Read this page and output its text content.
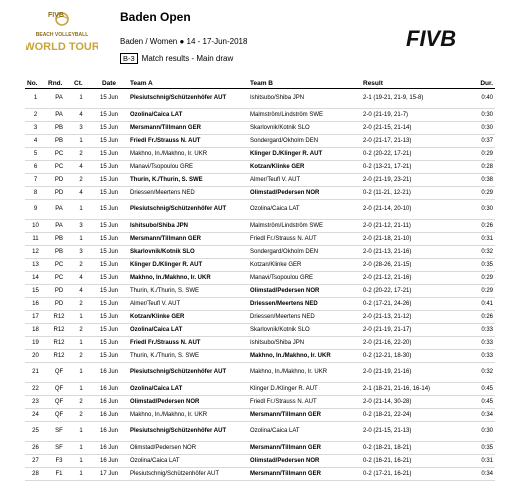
FIVB
BEACH VOLLEYBALL
WORLD TOUR
Baden Open
Baden / Women ● 14 - 17-Jun-2018
B-3 Match results - Main draw
FIVB
No.	Rnd.	Ct.	Date	Team A	Team B	Result	Dur.
1	PA	1	15 Jun	Plesiutschnig/Schützenhöfer AUT	Ishitsubo/Shiba JPN	2-1 (19-21, 21-9, 15-8)	0:40
2	PA	4	15 Jun	Ozolina/Caica LAT	Malmström/Lindström SWE	2-0 (21-19, 21-7)	0:30
3	PB	3	15 Jun	Mersmann/Tillmann GER	Skarlovnik/Kotnik SLO	2-0 (21-15, 21-14)	0:30
4	PB	1	15 Jun	Friedl Fr./Strauss N. AUT	Sondergard/Okholm DEN	2-0 (21-17, 21-13)	0:37
5	PC	2	15 Jun	Makhno, In./Makhno, Ir. UKR	Klinger D./Klinger R. AUT	0-2 (20-22, 17-21)	0:29
6	PC	4	15 Jun	Manavi/Tsopoulou GRE	Kotzan/Klinke GER	0-2 (13-21, 17-21)	0:28
7	PD	2	15 Jun	Thurin, K./Thurin, S. SWE	Almer/Teufl V. AUT	2-0 (21-19, 23-21)	0:38
8	PD	4	15 Jun	Driessen/Meertens NED	Olimstad/Pedersen NOR	0-2 (11-21, 12-21)	0:29
9	PA	1	15 Jun	Plesiutschnig/Schützenhöfer AUT	Ozolina/Caica LAT	2-0 (21-14, 20-10)	0:30
10	PA	3	15 Jun	Ishitsubo/Shiba JPN	Malmström/Lindström SWE	2-0 (21-12, 21-11)	0:26
11	PB	1	15 Jun	Mersmann/Tillmann GER	Friedl Fr./Strauss N. AUT	2-0 (21-18, 21-10)	0:31
12	PB	3	15 Jun	Skarlovnik/Kotnik SLO	Sondergard/Okholm DEN	2-0 (21-13, 21-16)	0:32
13	PC	2	15 Jun	Klinger D./Klinger R. AUT	Kotzan/Klinke GER	2-0 (28-26, 21-15)	0:35
14	PC	4	15 Jun	Makhno, In./Makhno, Ir. UKR	Manavi/Tsopoulou GRE	2-0 (21-12, 21-16)	0:29
15	PD	4	15 Jun	Thurin, K./Thurin, S. SWE	Olimstad/Pedersen NOR	0-2 (20-22, 17-21)	0:29
16	PD	2	15 Jun	Almer/Teufl V. AUT	Driessen/Meertens NED	0-2 (17-21, 24-26)	0:41
17	R12	1	15 Jun	Kotzan/Klinke GER	Driessen/Meertens NED	2-0 (21-13, 21-12)	0:26
18	R12	2	15 Jun	Ozolina/Caica LAT	Skarlovnik/Kotnik SLO	2-0 (21-19, 21-17)	0:33
19	R12	1	15 Jun	Friedl Fr./Strauss N. AUT	Ishitsubo/Shiba JPN	2-0 (21-16, 22-20)	0:33
20	R12	2	15 Jun	Thurin, K./Thurin, S. SWE	Makhno, In./Makhno, Ir. UKR	0-2 (12-21, 18-30)	0:33
21	QF	1	16 Jun	Plesiutschnig/Schützenhöfer AUT	Makhno, In./Makhno, Ir. UKR	2-0 (21-19, 21-16)	0:32
22	QF	1	16 Jun	Ozolina/Caica LAT	Klinger D./Klinger R. AUT	2-1 (18-21, 21-16, 16-14)	0:45
23	QF	2	16 Jun	Olimstad/Pedersen NOR	Friedl Fr./Strauss N. AUT	2-0 (21-14, 30-28)	0:45
24	QF	2	16 Jun	Makhno, In./Makhno, Ir. UKR	Mersmann/Tillmann GER	0-2 (18-21, 22-24)	0:34
25	SF	1	16 Jun	Plesiutschnig/Schützenhöfer AUT	Ozolina/Caica LAT	2-0 (21-15, 21-13)	0:30
26	SF	1	16 Jun	Olimstad/Pedersen NOR	Mersmann/Tillmann GER	0-2 (18-21, 18-21)	0:35
27	F3	1	16 Jun	Ozolina/Caica LAT	Olimstad/Pedersen NOR	0-2 (16-21, 16-21)	0:31
28	F1	1	17 Jun	Plesiutschnig/Schützenhöfer AUT	Mersmann/Tillmann GER	0-2 (17-21, 16-21)	0:34
